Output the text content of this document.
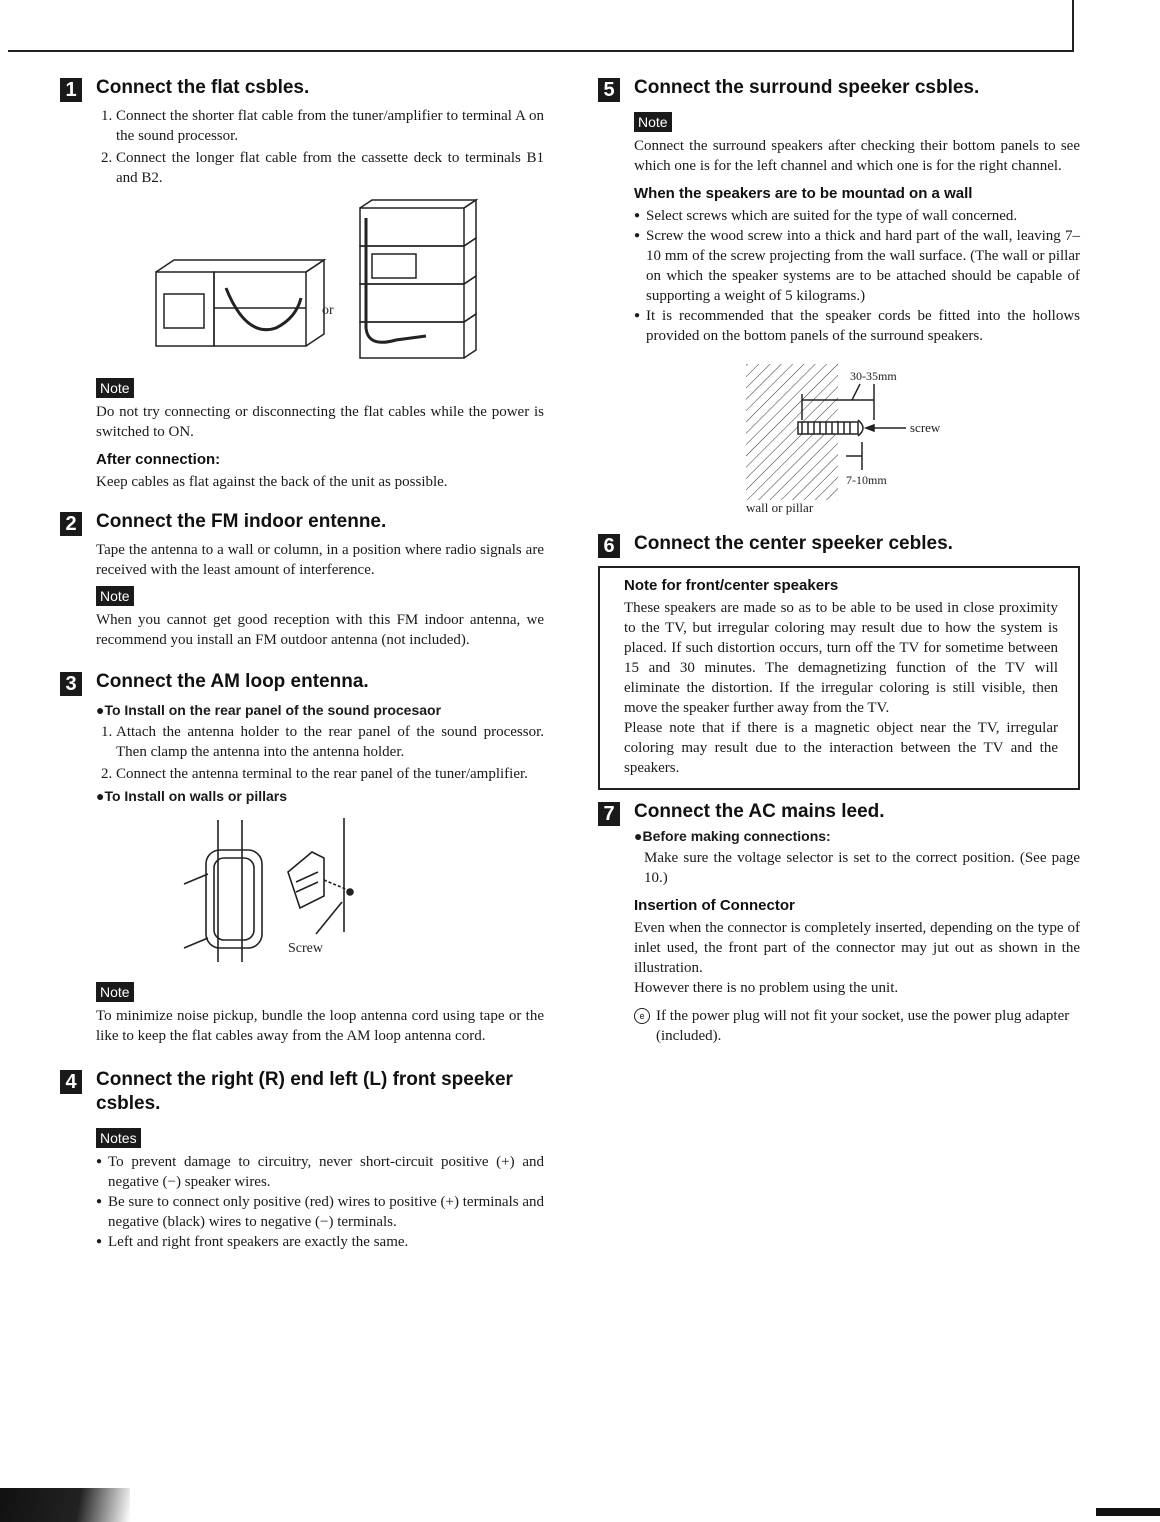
1 Connect the flat csbles.
1. Connect the shorter flat cable from the tuner/amplifier to terminal A on the sound processor.
2. Connect the longer flat cable from the cassette deck to terminals B1 and B2.
or
Note

Do not try connecting or disconnecting the flat cables while the power is switched to ON.

After connection:

Keep cables as flat against the back of the unit as possible.

2 Connect the FM indoor entenne.

Tape the antenna to a wall or column, in a position where radio signals are received with the least amount of interference.

Note

When you cannot get good reception with this FM indoor antenna, we recommend you install an FM outdoor antenna (not included).

3 Connect the AM loop entenna.
●To Install on the rear panel of the sound procesaor
1. Attach the antenna holder to the rear panel of the sound processor. Then clamp the antenna into the antenna holder.
2. Connect the antenna terminal to the rear panel of the tuner/amplifier.
●To Install on walls or pillars
Screw
Note

To minimize noise pickup, bundle the loop antenna cord using tape or the like to keep the flat cables away from the AM loop antenna cord.

4 Connect the right (R) end left (L) front speeker csbles.
Notes
● To prevent damage to circuitry, never short-circuit positive (+) and negative (−) speaker wires.
● Be sure to connect only positive (red) wires to positive (+) terminals and negative (black) wires to negative (−) terminals.
● Left and right front speakers are exactly the same.
5 Connect the surround speeker csbles.
Note

Connect the surround speakers after checking their bottom panels to see which one is for the left channel and which one is for the right channel.

When the speakers are to be mountad on a wall
● Select screws which are suited for the type of wall concerned.
● Screw the wood screw into a thick and hard part of the wall, leaving 7–10 mm of the screw projecting from the wall surface. (The wall or pillar on which the speaker systems are to be attached should be capable of supporting a weight of 5 kilograms.)
● It is recommended that the speaker cords be fitted into the hollows provided on the bottom panels of the surround speakers.
30-35mm
screw
7-10mm
wall or pillar
6 Connect the center speeker cebles.
Note for front/center speakers

These speakers are made so as to be able to be used in close proximity to the TV, but irregular coloring may result due to how the system is placed. If such distortion occurs, turn off the TV for sometime between 15 and 30 minutes. The demagnetizing function of the TV will eliminate the distortion. If the irregular coloring is still visible, then move the speaker further away from the TV.

Please note that if there is a magnetic object near the TV, irregular coloring may result due to the interaction between the TV and the speakers.

7 Connect the AC mains leed.
●Before making connections:

Make sure the voltage selector is set to the correct position. (See page 10.)

Insertion of Connector

Even when the connector is completely inserted, depending on the type of inlet used, the front part of the connector may jut out as shown in the illustration.

However there is no problem using the unit.

e If the power plug will not fit your socket, use the power plug adapter (included).
